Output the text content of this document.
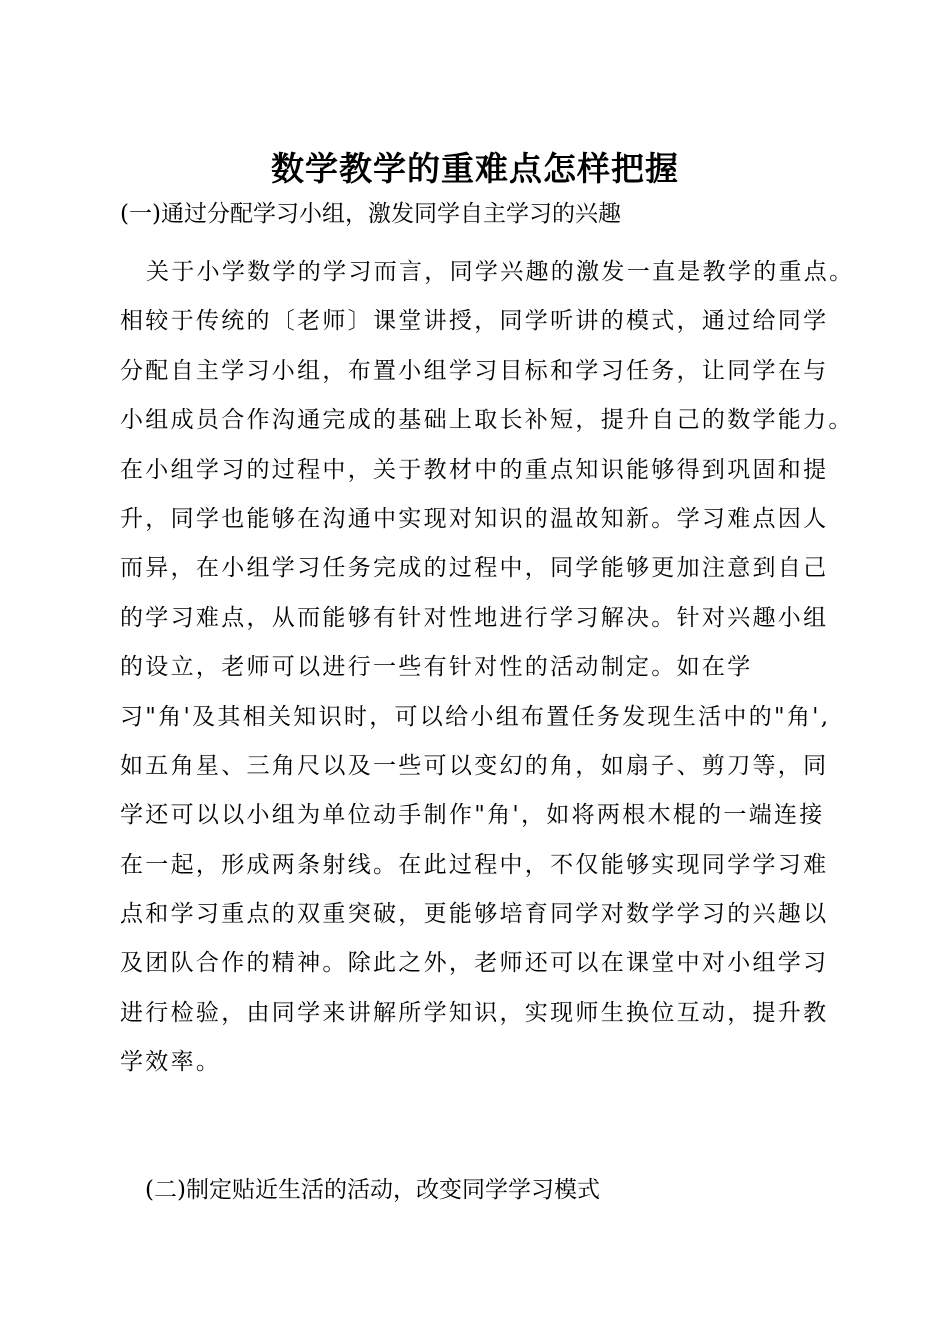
数学教学的重难点怎样把握
(一)通过分配学习小组，激发同学自主学习的兴趣
关于小学数学的学习而言，同学兴趣的激发一直是教学的重点。
相较于传统的〔老师〕课堂讲授，同学听讲的模式，通过给同学
分配自主学习小组，布置小组学习目标和学习任务，让同学在与
小组成员合作沟通完成的基础上取长补短，提升自己的数学能力。
在小组学习的过程中，关于教材中的重点知识能够得到巩固和提
升，同学也能够在沟通中实现对知识的温故知新。学习难点因人
而异，在小组学习任务完成的过程中，同学能够更加注意到自己
的学习难点，从而能够有针对性地进行学习解决。针对兴趣小组
的设立，老师可以进行一些有针对性的活动制定。如在学
习"角'及其相关知识时，可以给小组布置任务发现生活中的"角',
如五角星、三角尺以及一些可以变幻的角，如扇子、剪刀等，同
学还可以以小组为单位动手制作"角'，如将两根木棍的一端连接
在一起，形成两条射线。在此过程中，不仅能够实现同学学习难
点和学习重点的双重突破，更能够培育同学对数学学习的兴趣以
及团队合作的精神。除此之外，老师还可以在课堂中对小组学习
进行检验，由同学来讲解所学知识，实现师生换位互动，提升教
学效率。
(二)制定贴近生活的活动，改变同学学习模式
